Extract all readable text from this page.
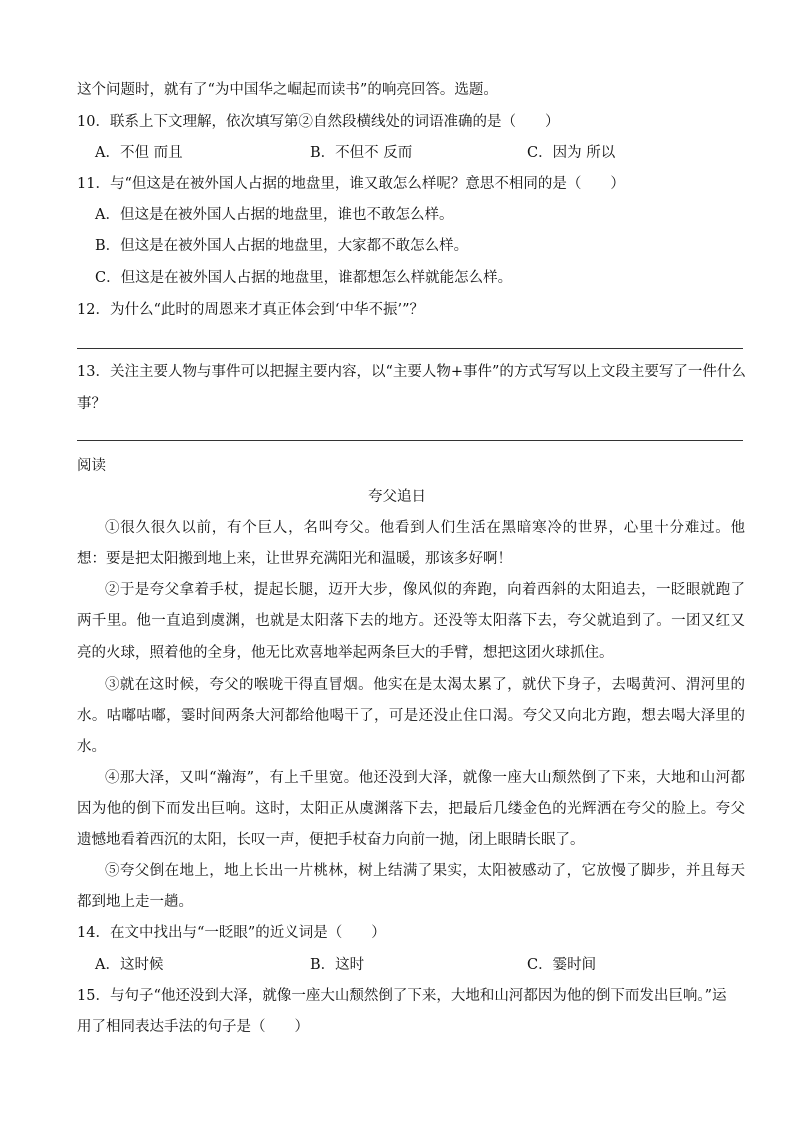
这个问题时，就有了“为中国华之崛起而读书”的响亮回答。选题。
10．联系上下文理解，依次填写第②自然段横线处的词语准确的是（　　）
A．不但 而且	B．不但不 反而	C．因为 所以
11．与“但这是在被外国人占据的地盘里，谁又敢怎么样呢？意思不相同的是（　　）
A．但这是在被外国人占据的地盘里，谁也不敢怎么样。
B．但这是在被外国人占据的地盘里，大家都不敢怎么样。
C．但这是在被外国人占据的地盘里，谁都想怎么样就能怎么样。
12．为什么“此时的周恩来才真正体会到‘中华不振’”？
13．关注主要人物与事件可以把握主要内容，以“主要人物+事件”的方式写写以上文段主要写了一件什么
事？
阅读
夸父追日
①很久很久以前，有个巨人，名叫夸父。他看到人们生活在黑暗寒冷的世界，心里十分难过。他
想：要是把太阳搬到地上来，让世界充满阳光和温暖，那该多好啊！
②于是夸父拿着手杖，提起长腿，迈开大步，像风似的奔跑，向着西斜的太阳追去，一眨眼就跑了
两千里。他一直追到虞渊，也就是太阳落下去的地方。还没等太阳落下去，夸父就追到了。一团又红又
亮的火球，照着他的全身，他无比欢喜地举起两条巨大的手臂，想把这团火球抓住。
③就在这时候，夸父的喉咙干得直冒烟。他实在是太渴太累了，就伏下身子，去喝黄河、渭河里的
水。咕嘟咕嘟，霎时间两条大河都给他喝干了，可是还没止住口渴。夸父又向北方跑，想去喝大泽里的
水。
④那大泽，又叫“瀚海”，有上千里宽。他还没到大泽，就像一座大山颓然倒了下来，大地和山河都
因为他的倒下而发出巨响。这时，太阳正从虞渊落下去，把最后几缕金色的光辉洒在夸父的脸上。夸父
遗憾地看着西沉的太阳，长叹一声，便把手杖奋力向前一抛，闭上眼睛长眠了。
⑤夸父倒在地上，地上长出一片桃林，树上结满了果实，太阳被感动了，它放慢了脚步，并且每天
都到地上走一趟。
14．在文中找出与“一眨眼”的近义词是（　　）
A．这时候	B．这时	C．霎时间
15．与句子“他还没到大泽，就像一座大山颓然倒了下来，大地和山河都因为他的倒下而发出巨响。”运
用了相同表达手法的句子是（　　）
